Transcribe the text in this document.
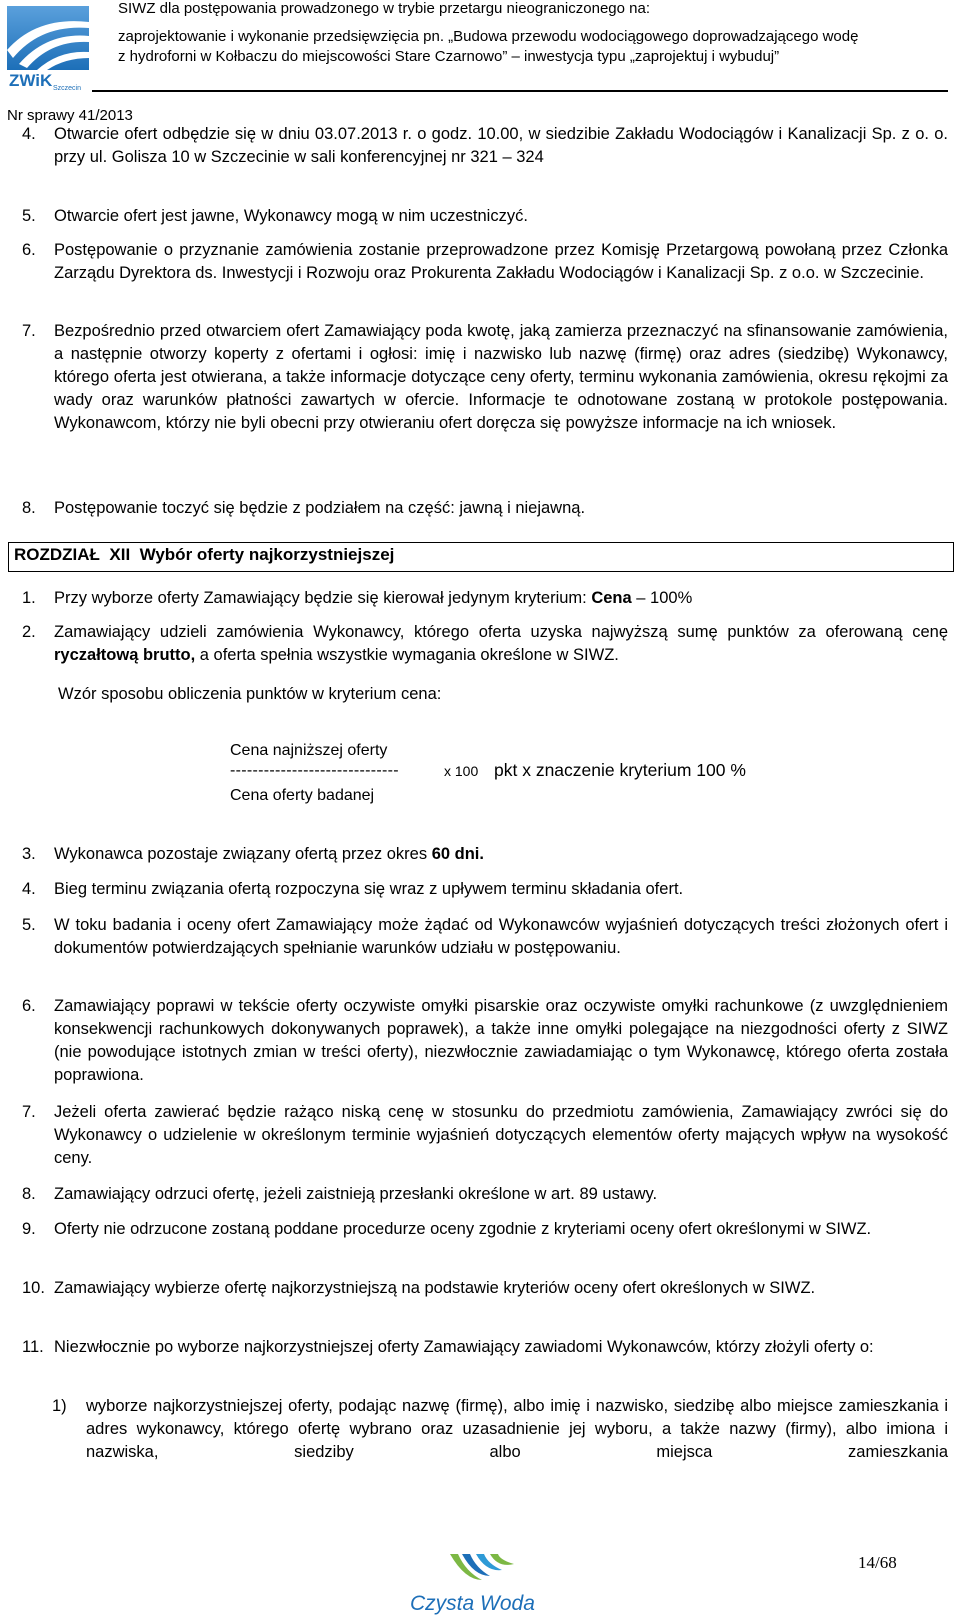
ZWiK Szczecin
SIWZ dla postępowania prowadzonego w trybie przetargu nieograniczonego na:
zaprojektowanie i wykonanie przedsięwzięcia pn. „Budowa przewodu wodociągowego doprowadzającego wodę
z hydroforni w Kołbaczu do miejscowości Stare Czarnowo” – inwestycja typu „zaprojektuj i wybuduj”
Nr sprawy 41/2013
4. Otwarcie ofert odbędzie się w dniu 03.07.2013 r. o godz. 10.00, w siedzibie Zakładu Wodociągów i Kanalizacji Sp. z o. o. przy ul. Golisza 10 w Szczecinie w sali konferencyjnej nr 321 – 324
5. Otwarcie ofert jest jawne, Wykonawcy mogą w nim uczestniczyć.
6. Postępowanie o przyznanie zamówienia zostanie przeprowadzone przez Komisję Przetargową powołaną przez Członka Zarządu Dyrektora ds. Inwestycji i Rozwoju oraz Prokurenta Zakładu Wodociągów i Kanalizacji Sp. z o.o. w Szczecinie.
7. Bezpośrednio przed otwarciem ofert Zamawiający poda kwotę, jaką zamierza przeznaczyć na sfinansowanie zamówienia, a następnie otworzy koperty z ofertami i ogłosi: imię i nazwisko lub nazwę (firmę) oraz adres (siedzibę) Wykonawcy, którego oferta jest otwierana, a także informacje dotyczące ceny oferty, terminu wykonania zamówienia, okresu rękojmi za wady oraz warunków płatności zawartych w ofercie. Informacje te odnotowane zostaną w protokole postępowania. Wykonawcom, którzy nie byli obecni przy otwieraniu ofert doręcza się powyższe informacje na ich wniosek.
8. Postępowanie toczyć się będzie z podziałem na część: jawną i niejawną.
ROZDZIAŁ  XII  Wybór oferty najkorzystniejszej
1. Przy wyborze oferty Zamawiający będzie się kierował jedynym kryterium: Cena – 100%
2. Zamawiający udzieli zamówienia Wykonawcy, którego oferta uzyska najwyższą sumę punktów za oferowaną cenę ryczałtową brutto, a oferta spełnia wszystkie wymagania określone w SIWZ.
Wzór sposobu obliczenia punktów w kryterium cena:
Cena najniższej oferty
------------------------------	x 100 pkt x znaczenie kryterium 100 %
Cena oferty badanej
3. Wykonawca pozostaje związany ofertą przez okres 60 dni.
4. Bieg terminu związania ofertą rozpoczyna się wraz z upływem terminu składania ofert.
5. W toku badania i oceny ofert Zamawiający może żądać od Wykonawców wyjaśnień dotyczących treści złożonych ofert i dokumentów potwierdzających spełnianie warunków udziału w postępowaniu.
6. Zamawiający poprawi w tekście oferty oczywiste omyłki pisarskie oraz oczywiste omyłki rachunkowe (z uwzględnieniem konsekwencji rachunkowych dokonywanych poprawek), a także inne omyłki polegające na niezgodności oferty z SIWZ (nie powodujące istotnych zmian w treści oferty), niezwłocznie zawiadamiając o tym Wykonawcę, którego oferta została poprawiona.
7. Jeżeli oferta zawierać będzie rażąco niską cenę w stosunku do przedmiotu zamówienia, Zamawiający zwróci się do Wykonawcy o udzielenie w określonym terminie wyjaśnień dotyczących elementów oferty mających wpływ na wysokość ceny.
8. Zamawiający odrzuci ofertę, jeżeli zaistnieją przesłanki określone w art. 89 ustawy.
9. Oferty nie odrzucone zostaną poddane procedurze oceny zgodnie z kryteriami oceny ofert określonymi w SIWZ.
10. Zamawiający wybierze ofertę najkorzystniejszą na podstawie kryteriów oceny ofert określonych w SIWZ.
11. Niezwłocznie po wyborze najkorzystniejszej oferty Zamawiający zawiadomi Wykonawców, którzy złożyli oferty o:
1) wyborze najkorzystniejszej oferty, podając nazwę (firmę), albo imię i nazwisko, siedzibę albo miejsce zamieszkania i adres wykonawcy, którego ofertę wybrano oraz uzasadnienie jej wyboru, a także nazwy (firmy), albo imiona i nazwiska, siedziby albo miejsca zamieszkania
Czysta Woda
14/68
